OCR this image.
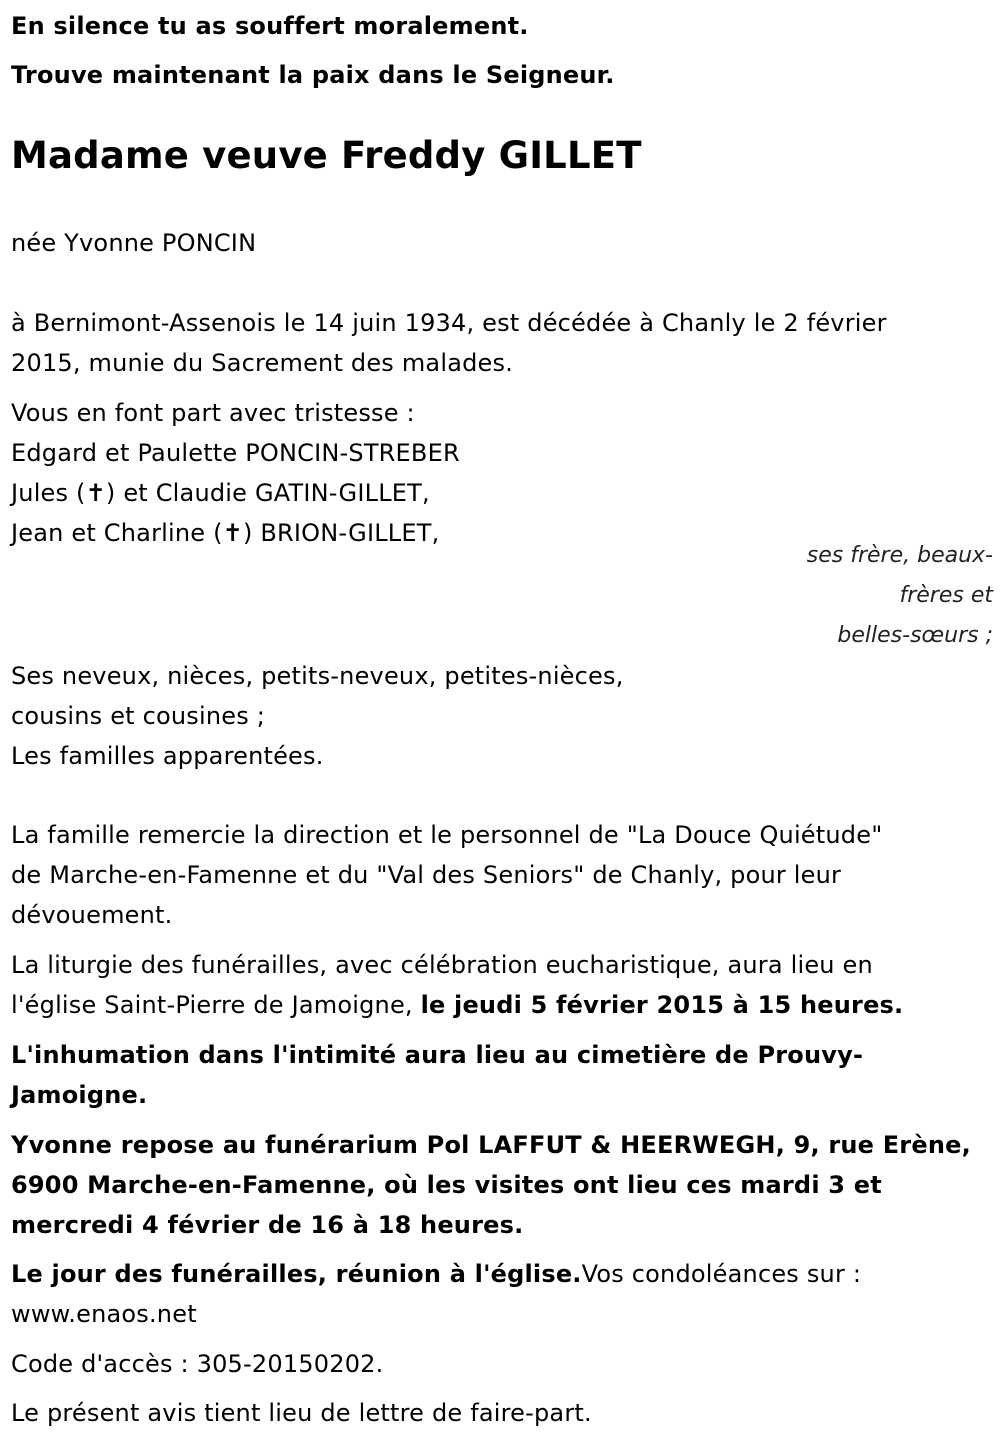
En silence tu as souffert moralement.
Trouve maintenant la paix dans le Seigneur.
Madame veuve Freddy GILLET
née Yvonne PONCIN
à Bernimont-Assenois le 14 juin 1934, est décédée à Chanly le 2 février
2015, munie du Sacrement des malades.
Vous en font part avec tristesse :
Edgard et Paulette PONCIN-STREBER
Jules (✝) et Claudie GATIN-GILLET,
Jean et Charline (✝) BRION-GILLET,
ses frère, beaux-
frères et
belles-sœurs ;
Ses neveux, nièces, petits-neveux, petites-nièces,
cousins et cousines ;
Les familles apparentées.
La famille remercie la direction et le personnel de "La Douce Quiétude"
de Marche-en-Famenne et du "Val des Seniors" de Chanly, pour leur
dévouement.
La liturgie des funérailles, avec célébration eucharistique, aura lieu en
l'église Saint-Pierre de Jamoigne, le jeudi 5 février 2015 à 15 heures.
L'inhumation dans l'intimité aura lieu au cimetière de Prouvy-
Jamoigne.
Yvonne repose au funérarium Pol LAFFUT & HEERWEGH, 9, rue Erène,
6900 Marche-en-Famenne, où les visites ont lieu ces mardi 3 et
mercredi 4 février de 16 à 18 heures.
Le jour des funérailles, réunion à l'église.Vos condoléances sur :
www.enaos.net
Code d'accès : 305-20150202.
Le présent avis tient lieu de lettre de faire-part.
